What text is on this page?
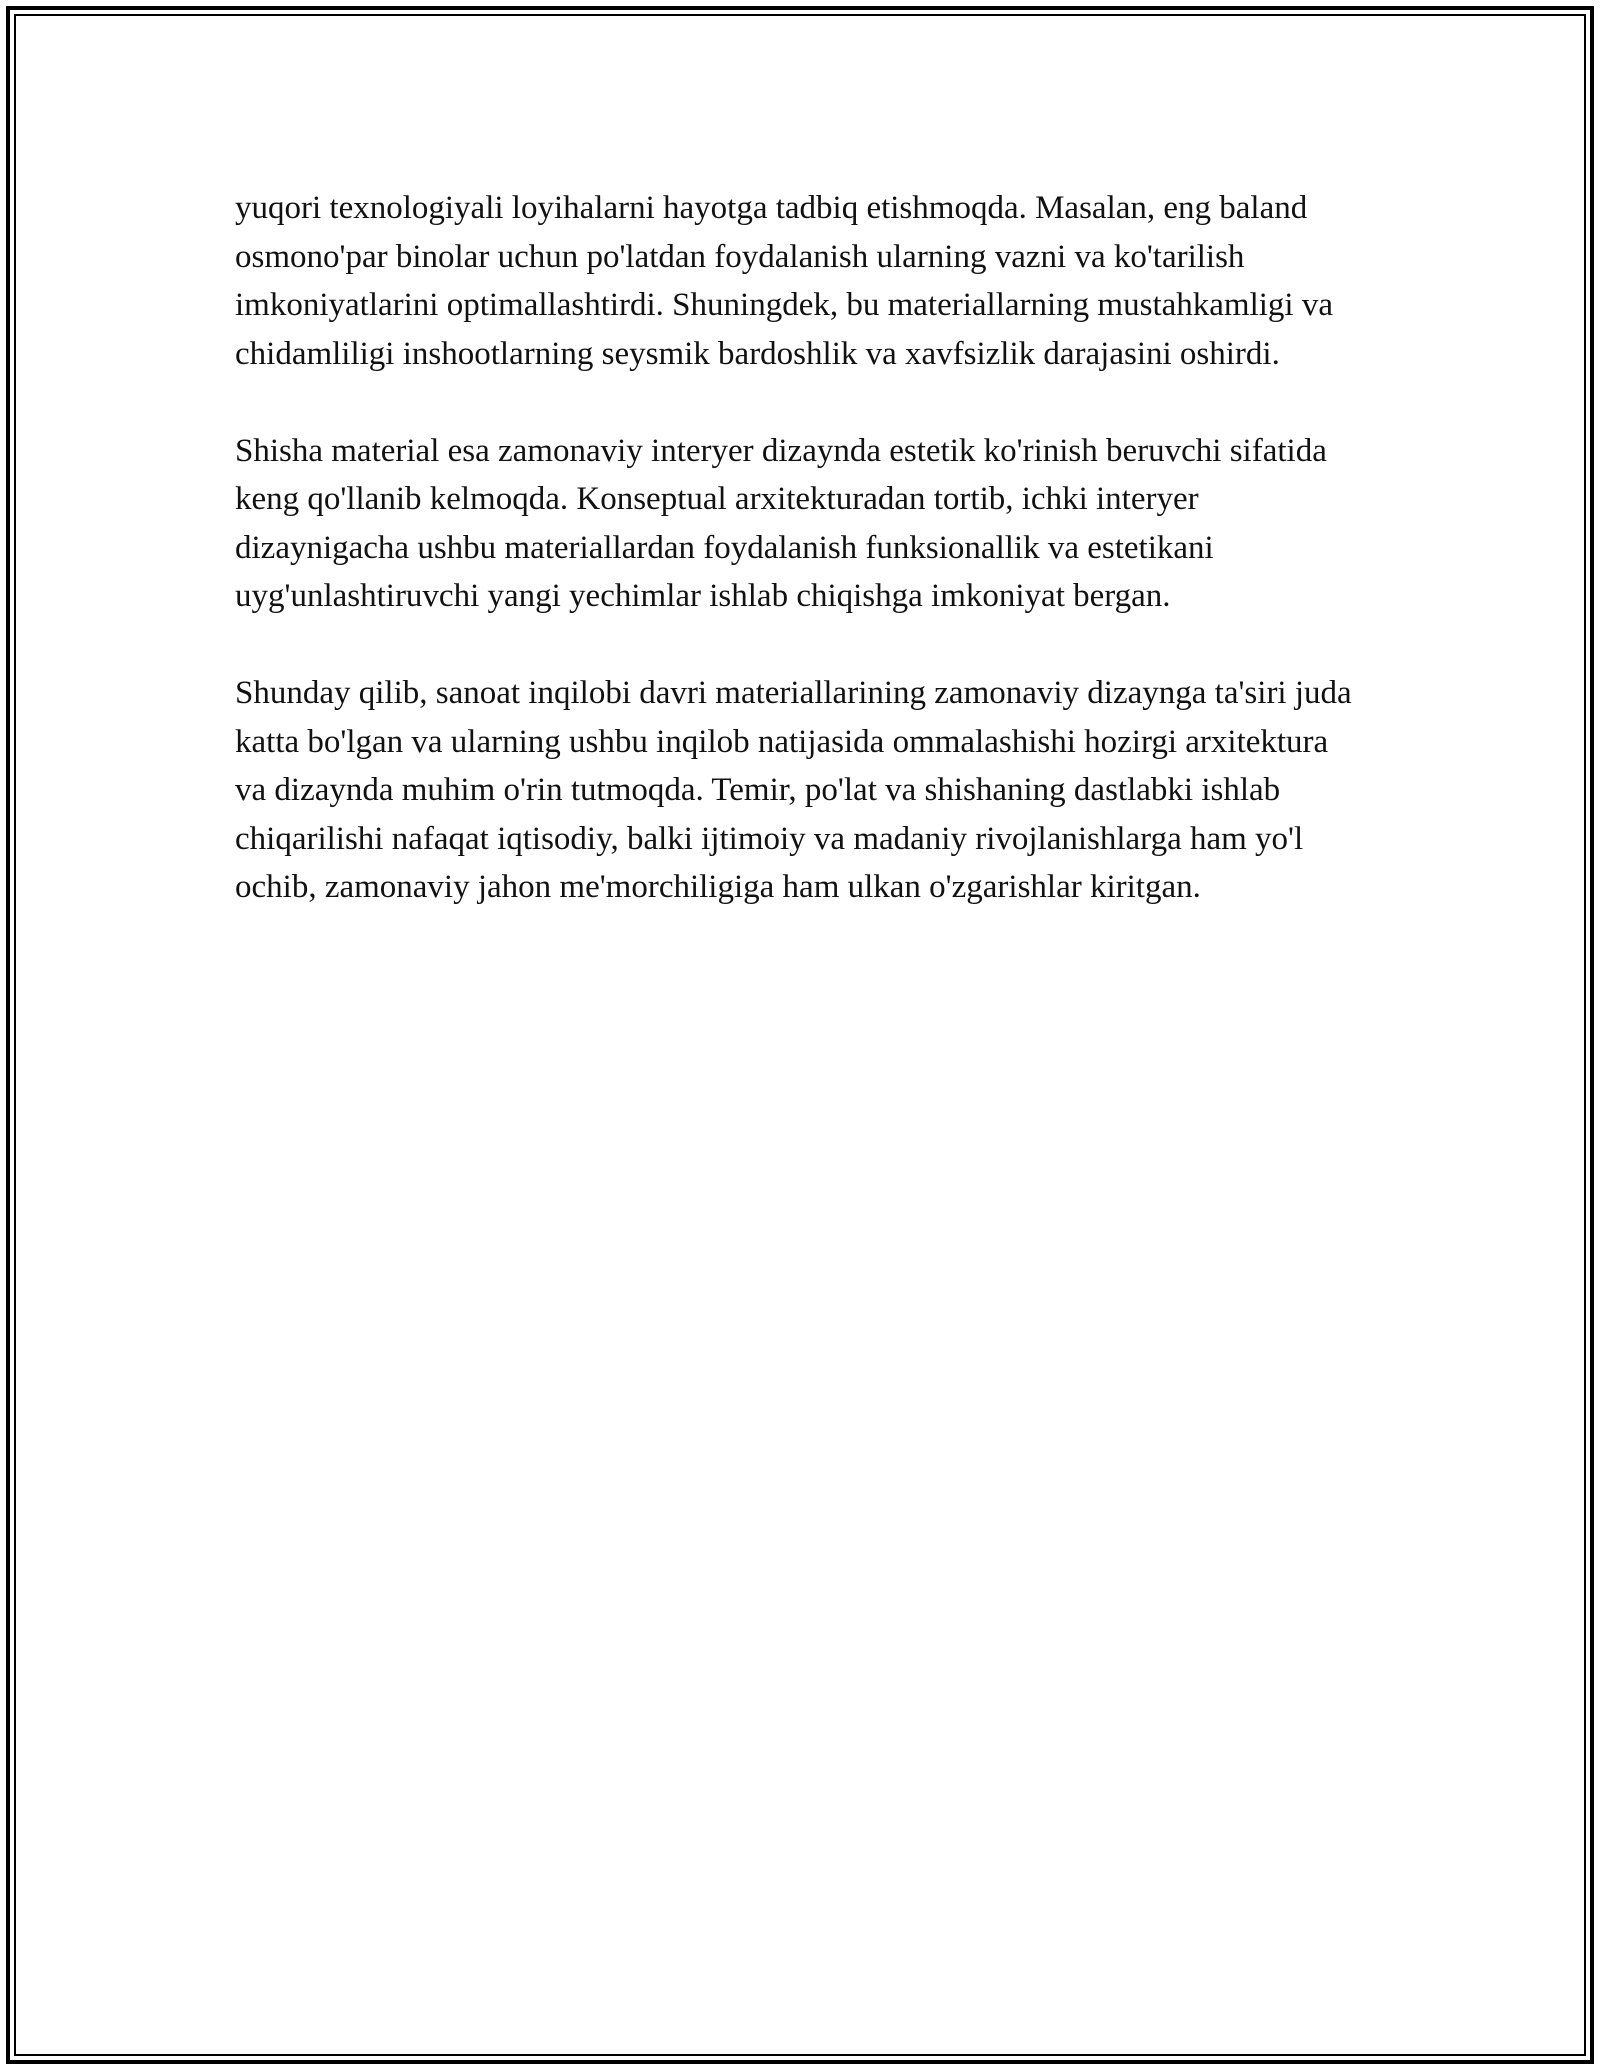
yuqori texnologiyali loyihalarni hayotga tadbiq etishmoqda. Masalan, eng baland osmono'par binolar uchun po'latdan foydalanish ularning vazni va ko'tarilish imkoniyatlarini optimallashtirdi. Shuningdek, bu materiallarning mustahkamligi va chidamliligi inshootlarning seysmik bardoshlik va xavfsizlik darajasini oshirdi.

Shisha material esa zamonaviy interyer dizaynda estetik ko'rinish beruvchi sifatida keng qo'llanib kelmoqda. Konseptual arxitekturadan tortib, ichki interyer dizaynigacha ushbu materiallardan foydalanish funksionallik va estetikani uyg'unlashtiruvchi yangi yechimlar ishlab chiqishga imkoniyat bergan.

Shunday qilib, sanoat inqilobi davri materiallarining zamonaviy dizaynga ta'siri juda katta bo'lgan va ularning ushbu inqilob natijasida ommalashishi hozirgi arxitektura va dizaynda muhim o'rin tutmoqda. Temir, po'lat va shishaning dastlabki ishlab chiqarilishi nafaqat iqtisodiy, balki ijtimoiy va madaniy rivojlanishlarga ham yo'l ochib, zamonaviy jahon me'morchiligiga ham ulkan o'zgarishlar kiritgan.
